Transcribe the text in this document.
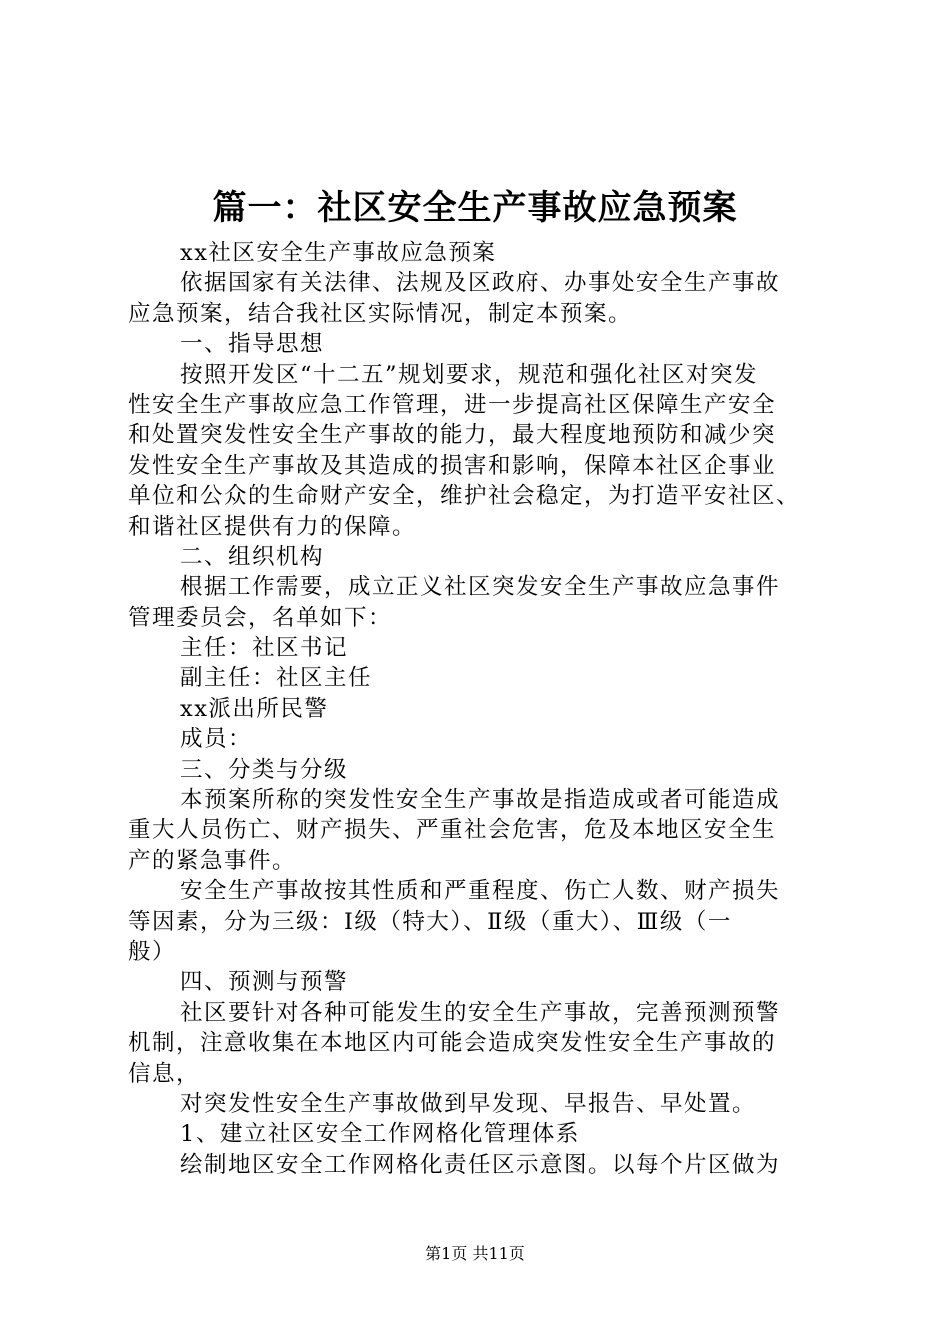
篇一：社区安全生产事故应急预案
xx社区安全生产事故应急预案
依据国家有关法律、法规及区政府、办事处安全生产事故
应急预案，结合我社区实际情况，制定本预案。
一、指导思想
按照开发区“十二五”规划要求，规范和强化社区对突发
性安全生产事故应急工作管理，进一步提高社区保障生产安全
和处置突发性安全生产事故的能力，最大程度地预防和减少突
发性安全生产事故及其造成的损害和影响，保障本社区企事业
单位和公众的生命财产安全，维护社会稳定，为打造平安社区、
和谐社区提供有力的保障。
二、组织机构
根据工作需要，成立正义社区突发安全生产事故应急事件
管理委员会，名单如下：
主任：社区书记
副主任：社区主任
xx派出所民警
成员：
三、分类与分级
本预案所称的突发性安全生产事故是指造成或者可能造成
重大人员伤亡、财产损失、严重社会危害，危及本地区安全生
产的紧急事件。
安全生产事故按其性质和严重程度、伤亡人数、财产损失
等因素，分为三级：Ⅰ级（特大）、Ⅱ级（重大）、Ⅲ级（一
般）
四、预测与预警
社区要针对各种可能发生的安全生产事故，完善预测预警
机制，注意收集在本地区内可能会造成突发性安全生产事故的
信息，
对突发性安全生产事故做到早发现、早报告、早处置。
1、建立社区安全工作网格化管理体系
绘制地区安全工作网格化责任区示意图。以每个片区做为
第1页 共11页
